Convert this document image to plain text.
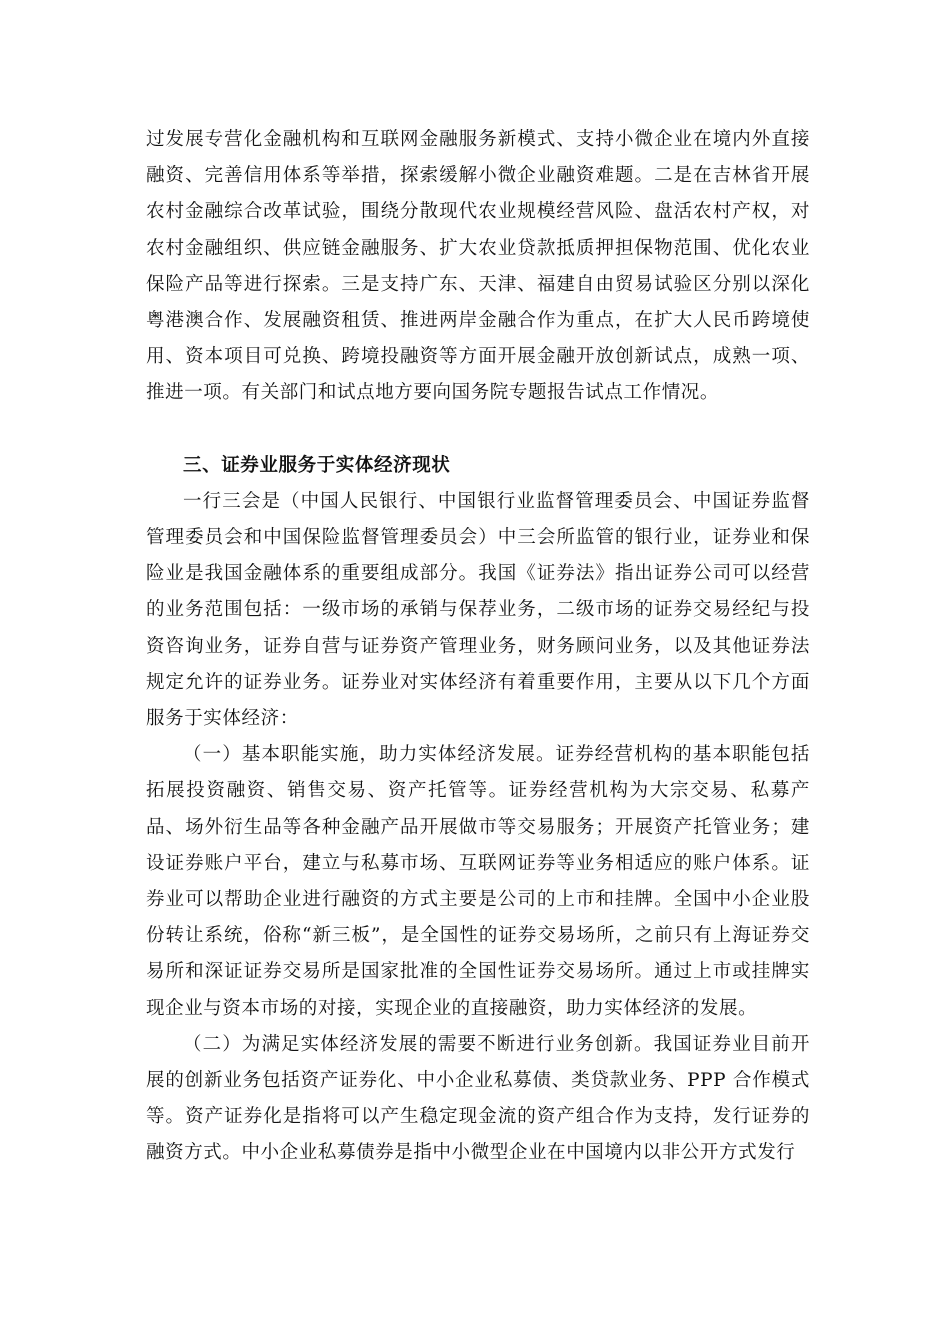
过发展专营化金融机构和互联网金融服务新模式、支持小微企业在境内外直接融资、完善信用体系等举措，探索缓解小微企业融资难题。二是在吉林省开展农村金融综合改革试验，围绕分散现代农业规模经营风险、盘活农村产权，对农村金融组织、供应链金融服务、扩大农业贷款抵质押担保物范围、优化农业保险产品等进行探索。三是支持广东、天津、福建自由贸易试验区分别以深化粤港澳合作、发展融资租赁、推进两岸金融合作为重点，在扩大人民币跨境使用、资本项目可兑换、跨境投融资等方面开展金融开放创新试点，成熟一项、推进一项。有关部门和试点地方要向国务院专题报告试点工作情况。

三、证券业服务于实体经济现状

一行三会是（中国人民银行、中国银行业监督管理委员会、中国证券监督管理委员会和中国保险监督管理委员会）中三会所监管的银行业，证券业和保险业是我国金融体系的重要组成部分。我国《证券法》指出证券公司可以经营的业务范围包括：一级市场的承销与保荐业务，二级市场的证券交易经纪与投资咨询业务，证券自营与证券资产管理业务，财务顾问业务，以及其他证券法规定允许的证券业务。证券业对实体经济有着重要作用，主要从以下几个方面服务于实体经济：

（一）基本职能实施，助力实体经济发展。证券经营机构的基本职能包括拓展投资融资、销售交易、资产托管等。证券经营机构为大宗交易、私募产品、场外衍生品等各种金融产品开展做市等交易服务；开展资产托管业务；建设证券账户平台，建立与私募市场、互联网证券等业务相适应的账户体系。证券业可以帮助企业进行融资的方式主要是公司的上市和挂牌。全国中小企业股份转让系统，俗称“新三板”，是全国性的证券交易场所，之前只有上海证券交易所和深证证券交易所是国家批准的全国性证券交易场所。通过上市或挂牌实现企业与资本市场的对接，实现企业的直接融资，助力实体经济的发展。

（二）为满足实体经济发展的需要不断进行业务创新。我国证券业目前开展的创新业务包括资产证券化、中小企业私募债、类贷款业务、PPP 合作模式等。资产证券化是指将可以产生稳定现金流的资产组合作为支持，发行证券的融资方式。中小企业私募债券是指中小微型企业在中国境内以非公开方式发行
